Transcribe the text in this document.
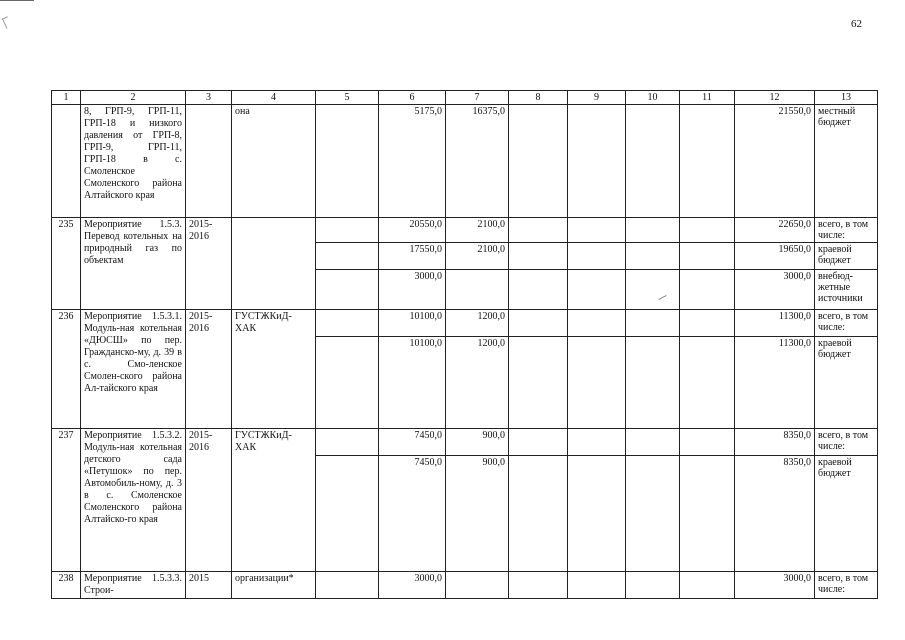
62
1	2	3	4	5	6	7	8	9	10	11	12	13
	8, ГРП-9, ГРП-11, ГРП-18 и низкого давления от ГРП-8, ГРП-9, ГРП-11, ГРП-18 в с. Смоленское Смоленского района Алтайского края		она		5175,0	16375,0					21550,0	местный бюджет
235	Мероприятие 1.5.3. Перевод котельных на природный газ по объектам	2015-2016			20550,0	2100,0					22650,0	всего, в том числе:
					17550,0	2100,0					19650,0	краевой бюджет
					3000,0						3000,0	внебюд-жетные источники
236	Мероприятие 1.5.3.1. Модуль-ная котельная «ДЮСШ» по пер. Гражданско-му, д. 39 в с. Смо-ленское Смолен-ского района Ал-тайского края	2015-2016	ГУСТЖКиД-ХАК		10100,0	1200,0					11300,0	всего, в том числе:
					10100,0	1200,0					11300,0	краевой бюджет
237	Мероприятие 1.5.3.2. Модуль-ная котельная детского сада «Петушок» по пер. Автомобиль-ному, д. 3 в с. Смоленское Смоленского района Алтайско-го края	2015-2016	ГУСТЖКиД-ХАК		7450,0	900,0					8350,0	всего, в том числе:
					7450,0	900,0					8350,0	краевой бюджет
238	Мероприятие 1.5.3.3. Строи-	2015	организации*		3000,0						3000,0	всего, в том числе:
